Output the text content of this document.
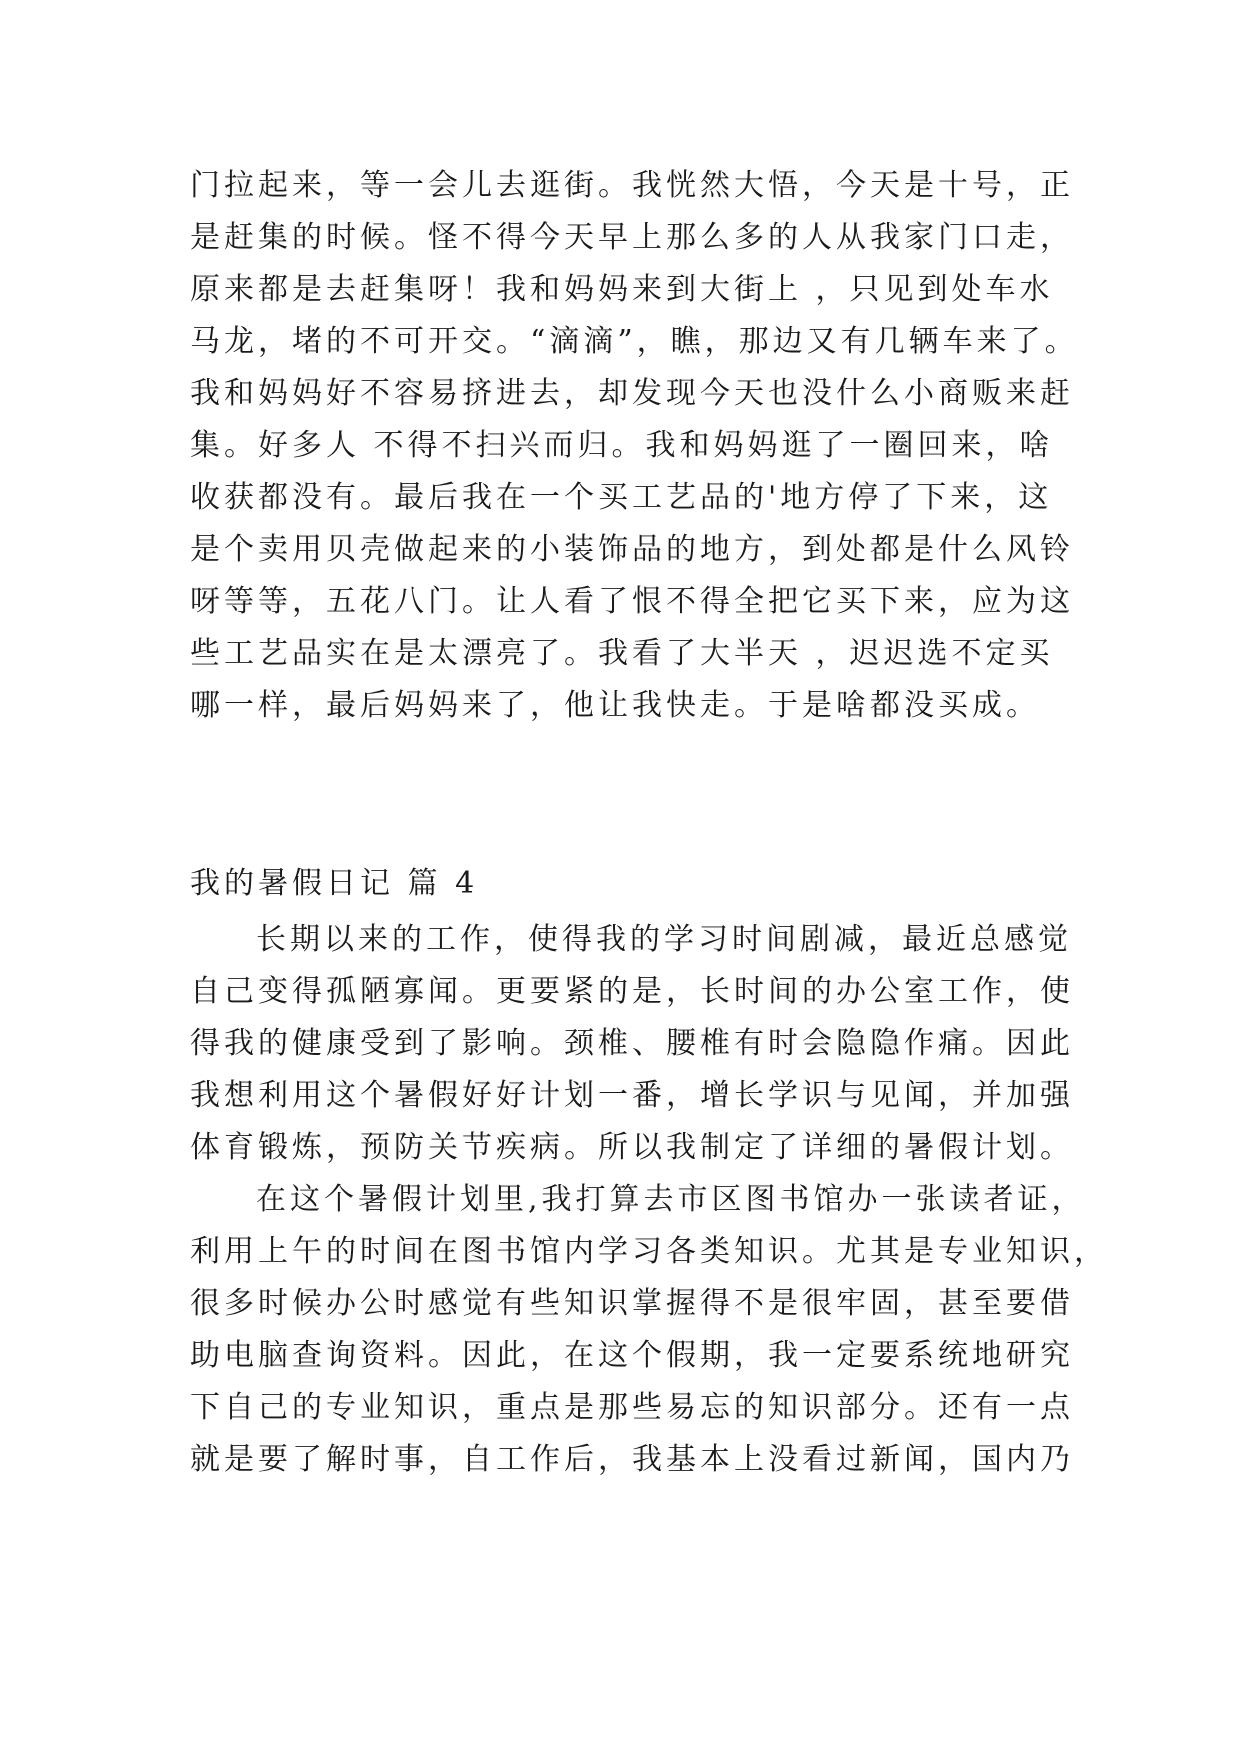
门拉起来，等一会儿去逛街。我恍然大悟，今天是十号，正
是赶集的时候。怪不得今天早上那么多的人从我家门口走，
原来都是去赶集呀！我和妈妈来到大街上 ，只见到处车水
马龙，堵的不可开交。“滴滴”，瞧，那边又有几辆车来了。
我和妈妈好不容易挤进去，却发现今天也没什么小商贩来赶
集。好多人 不得不扫兴而归。我和妈妈逛了一圈回来，啥
收获都没有。最后我在一个买工艺品的'地方停了下来，这
是个卖用贝壳做起来的小装饰品的地方，到处都是什么风铃
呀等等，五花八门。让人看了恨不得全把它买下来，应为这
些工艺品实在是太漂亮了。我看了大半天 ，迟迟选不定买
哪一样，最后妈妈来了，他让我快走。于是啥都没买成。
我的暑假日记 篇 4
长期以来的工作，使得我的学习时间剧减，最近总感觉
自己变得孤陋寡闻。更要紧的是，长时间的办公室工作，使
得我的健康受到了影响。颈椎、腰椎有时会隐隐作痛。因此
我想利用这个暑假好好计划一番，增长学识与见闻，并加强
体育锻炼，预防关节疾病。所以我制定了详细的暑假计划。
在这个暑假计划里,我打算去市区图书馆办一张读者证，
利用上午的时间在图书馆内学习各类知识。尤其是专业知识，
很多时候办公时感觉有些知识掌握得不是很牢固，甚至要借
助电脑查询资料。因此，在这个假期，我一定要系统地研究
下自己的专业知识，重点是那些易忘的知识部分。还有一点
就是要了解时事，自工作后，我基本上没看过新闻，国内乃
